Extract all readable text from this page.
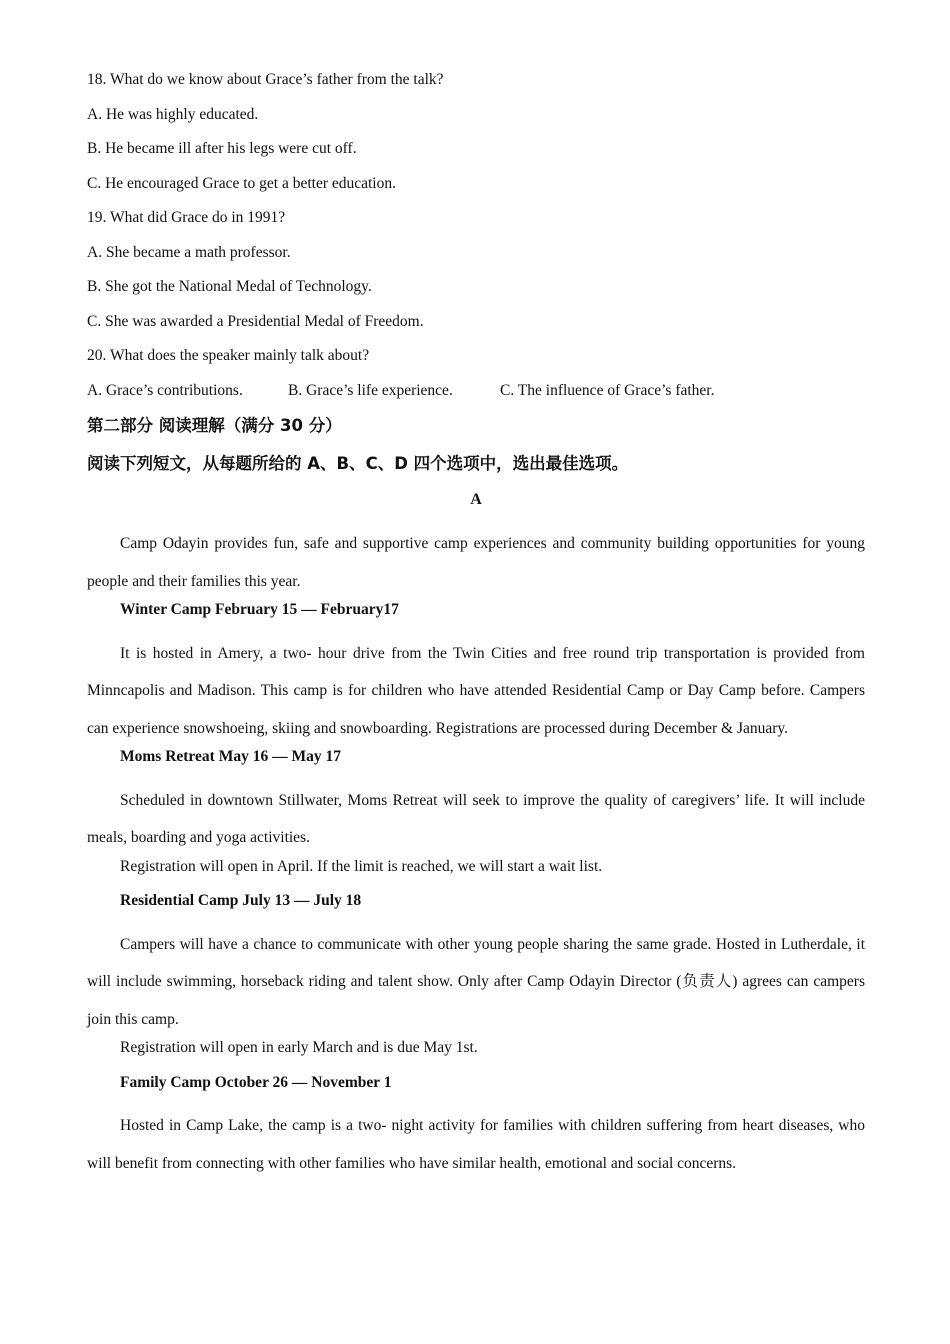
18. What do we know about Grace’s father from the talk?

A. He was highly educated.

B. He became ill after his legs were cut off.

C. He encouraged Grace to get a better education.

19. What did Grace do in 1991?

A. She became a math professor.

B. She got the National Medal of Technology.

C. She was awarded a Presidential Medal of Freedom.

20. What does the speaker mainly talk about?

A. Grace’s contributions.	B. Grace’s life experience.	C. The influence of Grace’s father.
第二部分 阅读理解（满分 30 分）
阅读下列短文，从每题所给的 A、B、C、D 四个选项中，选出最佳选项。
A

Camp Odayin provides fun, safe and supportive camp experiences and community building opportunities for young people and their families this year.

Winter Camp February 15 — February17

It is hosted in Amery, a two- hour drive from the Twin Cities and free round trip transportation is provided from Minncapolis and Madison. This camp is for children who have attended Residential Camp or Day Camp before. Campers can experience snowshoeing, skiing and snowboarding. Registrations are processed during December & January.

Moms Retreat May 16 — May 17

Scheduled in downtown Stillwater, Moms Retreat will seek to improve the quality of caregivers’ life. It will include meals, boarding and yoga activities.

Registration will open in April. If the limit is reached, we will start a wait list.

Residential Camp July 13 — July 18

Campers will have a chance to communicate with other young people sharing the same grade. Hosted in Lutherdale, it will include swimming, horseback riding and talent show. Only after Camp Odayin Director (负责人) agrees can campers join this camp.

Registration will open in early March and is due May 1st.

Family Camp October 26 — November 1

Hosted in Camp Lake, the camp is a two- night activity for families with children suffering from heart diseases, who will benefit from connecting with other families who have similar health, emotional and social concerns.
